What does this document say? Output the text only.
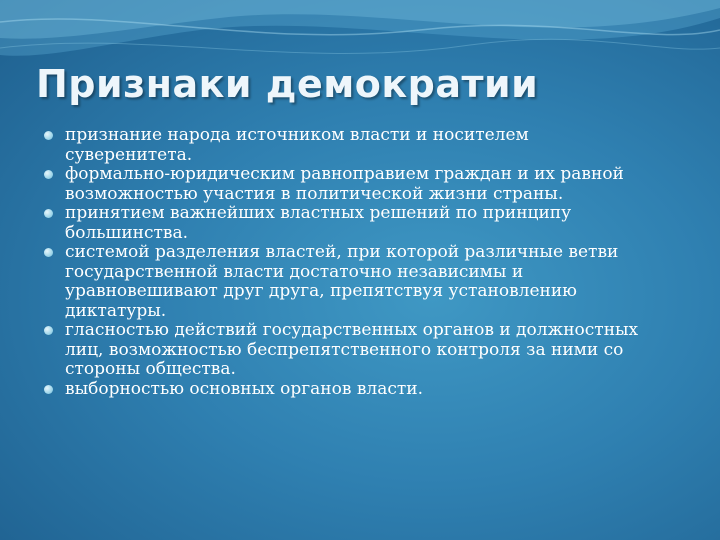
Признаки демократии
признание народа источником власти и носителем суверенитета.
формально-юридическим равноправием граждан и их равной возможностью участия в политической жизни страны.
принятием важнейших властных решений по принципу большинства.
системой разделения властей, при которой различные ветви государственной власти достаточно независимы и уравновешивают друг друга, препятствуя установлению диктатуры.
гласностью действий государственных органов и должностных лиц, возможностью беспрепятственного контроля за ними со стороны общества.
выборностью основных органов власти.
